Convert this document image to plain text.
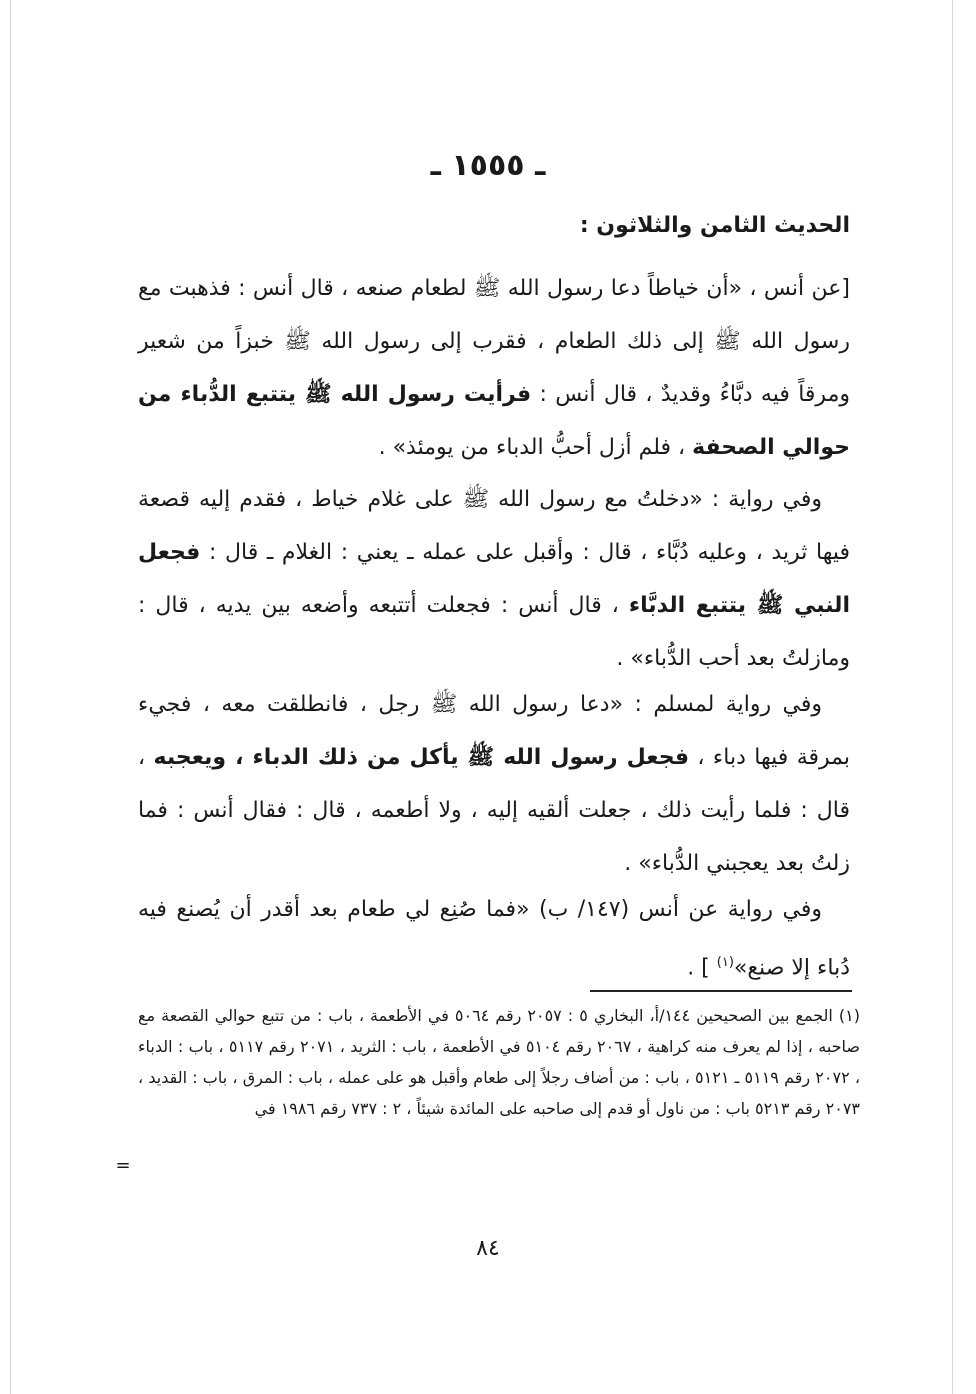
ـ ١٥٥٥ ـ
الحديث الثامن والثلاثون :
[عن أنس ، «أن خياطاً دعا رسول الله ﷺ لطعام صنعه ، قال أنس : فذهبت مع رسول الله ﷺ إلى ذلك الطعام ، فقرب إلى رسول الله ﷺ خبزاً من شعير ومرقاً فيه دبَّاءُ وقديدٌ ، قال أنس : فرأيت رسول الله ﷺ يتتبع الدُّباء من حوالي الصحفة ، فلم أزل أحبُّ الدباء من يومئذ» .
وفي رواية : «دخلتُ مع رسول الله ﷺ على غلام خياط ، فقدم إليه قصعة فيها ثريد ، وعليه دُبَّاء ، قال : وأقبل على عمله ـ يعني : الغلام ـ قال : فجعل النبي ﷺ يتتبع الدبَّاء ، قال أنس : فجعلت أتتبعه وأضعه بين يديه ، قال : ومازلتُ بعد أحب الدُّباء» .
وفي رواية لمسلم : «دعا رسول الله ﷺ رجل ، فانطلقت معه ، فجيء بمرقة فيها دباء ، فجعل رسول الله ﷺ يأكل من ذلك الدباء ، ويعجبه ، قال : فلما رأيت ذلك ، جعلت ألقيه إليه ، ولا أطعمه ، قال : فقال أنس : فما زلتُ بعد يعجبني الدُّباء» .
وفي رواية عن أنس (١٤٧/ ب) «فما صُنِع لي طعام بعد أقدر أن يُصنع فيه دُباء إلا صنع»$^{(١)}$ ] .
(١) الجمع بين الصحيحين ١٤٤/أ، البخاري ٥ : ٢٠٥٧ رقم ٥٠٦٤ في الأطعمة ، باب : من تتبع حوالي القصعة مع صاحبه ، إذا لم يعرف منه كراهية ، ٢٠٦٧ رقم ٥١٠٤ في الأطعمة ، باب : الثريد ، ٢٠٧١ رقم ٥١١٧ ، باب : الدباء ، ٢٠٧٢ رقم ٥١١٩ ـ ٥١٢١ ، باب : من أضاف رجلاً إلى طعام وأقبل هو على عمله ، باب : المرق ، باب : القديد ، ٢٠٧٣ رقم ٥٢١٣ باب : من ناول أو قدم إلى صاحبه على المائدة شيئاً ، ٢ : ٧٣٧ رقم ١٩٨٦ في
=
٨٤
